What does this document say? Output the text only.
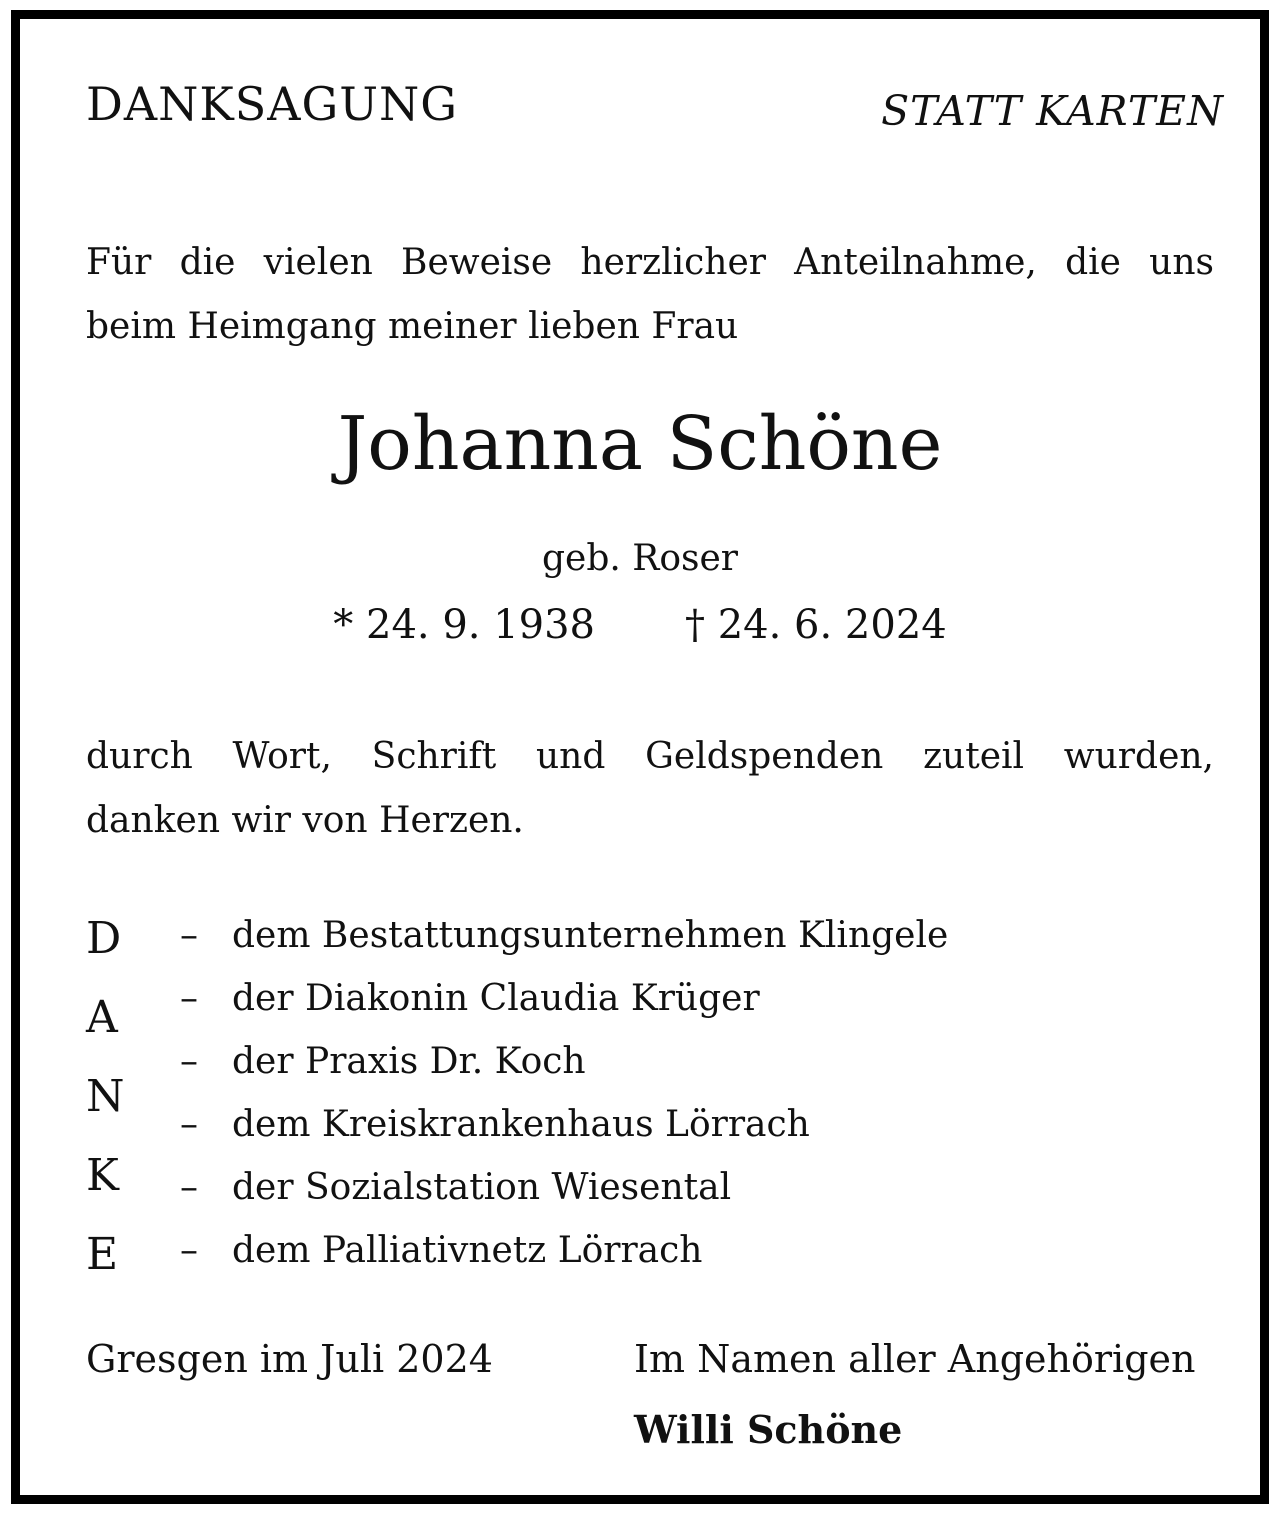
DANKSAGUNG	STATT KARTEN
Für die vielen Beweise herzlicher Anteilnahme, die uns
beim Heimgang meiner lieben Frau
Johanna Schöne
geb. Roser
* 24. 9. 1938 † 24. 6. 2024
durch Wort, Schrift und Geldspenden zuteil wurden,
danken wir von Herzen.
D
A
N
K
E
– dem Bestattungsunternehmen Klingele
– der Diakonin Claudia Krüger
– der Praxis Dr. Koch
– dem Kreiskrankenhaus Lörrach
– der Sozialstation Wiesental
– dem Palliativnetz Lörrach
Gresgen im Juli 2024	Im Namen aller Angehörigen
Willi Schöne
